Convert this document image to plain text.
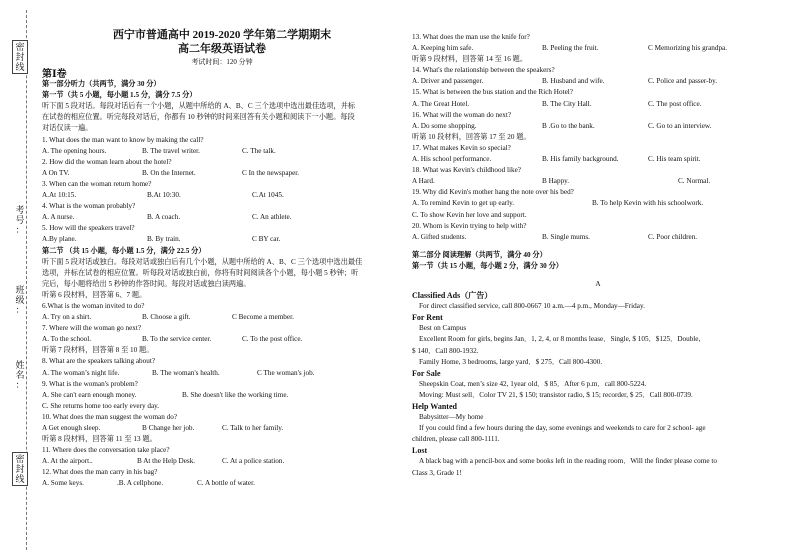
密
封
线
考
号
：
班
级
：
姓
名
：
密
封
线
西宁市普通高中 2019-2020 学年第二学期期末
高二年级英语试卷
考试时间：120 分钟
第Ⅰ卷
第一部分听力（共两节，满分 30 分）
第一节（共 5 小题，每小题 1.5 分，满分 7.5 分）
听下面 5 段对话。每段对话后有一个小题，从题中所给的 A、B、C 三个选项中选出最佳选项，并标
在试卷的相应位置。听完每段对话后，你都有 10 秒钟的时间来回答有关小题和阅读下一小题。每段
对话仅读一遍。
1. What does the man want to know by making the call?
A. The opening hours.	B. The travel writer.	C. The talk.
2. How did the woman learn about the hotel?
A On TV.	B. On the Internet.	C In the newspaper.
3. When can the woman return home?
A.At 10:15.	B.At 10:30.	C.At 1045.
4. What is the woman probably?
A. A nurse.	B. A coach.	C. An athlete.
5. How will the speakers travel?
A.By plane.	B. By train.	C BY car.
第二节 （共 15 小题，每小题 1.5 分，满分 22.5 分）
听下面 5 段对话或独白。每段对话或独白后有几个小题，从题中所给的 A、B、C 三个选项中选出最佳
选项，并标在试卷的相应位置。听每段对话或独白前，你将有时间阅读各个小题，每小题 5 秒钟；听
完后，每小题将给出 5 秒钟的作答时间。每段对话或独白读两遍。
听第 6 段材料，回答第 6、7 题。
6.What is the woman invited to do?
A. Try on a shirt.	B. Choose a gift.	C Become a member.
7. Where will the woman go next?
A. To the school.	B. To the service center.	C. To the post office.
听第 7 段材料，回答第 8 至 10 题。
8. What are the speakers talking about?
A. The woman’s night life.	B. The woman's health.	C The woman's job.
9. What is the woman's problem?
A. She can't earn enough money.	B. She doesn't like the working time.
C. She returns home too early every day.
10. What does the man suggest the woman do?
A Get enough sleep.	B Change her job.	C. Talk to her family.
听第 8 段材料，回答第 11 至 13 题。
11. Where does the conversation take place?
A. At the airport..	B At the Help Desk.	C. At a police station.
12. What does the man carry in his bag?
A. Some keys.	.B. A cellphone.	C. A bottle of water.
13. What does the man use the knife for?
A. Keeping him safe.	B. Peeling the fruit.	C Memorizing his grandpa.
听第 9 段材料，回答第 14 至 16 题。
14. What's the relationship between the speakers?
A. Driver and passenger.	B. Husband and wife.	C. Police and passer-by.
15. What is between the bus station and the Rich Hotel?
A. The Great Hotel.	B. The City Hall.	C. The post office.
16. What will the woman do next?
A. Do some shopping.	B .Go to the bank.	C. Go to an interview.
听第 10 段材料，回答第 17 至 20 题。
17. What makes Kevin so special?
A. His school performance.	B. His family background.	C. His team spirit.
18. What was Kevin's childhood like?
A Hard.	B Happy.	C. Normal.
19. Why did Kevin's mother hang the note over his bed?
A. To remind Kevin to get up early.	B. To help Kevin with his schoolwork.
C. To show Kevin her love and support.
20. Whom is Kevin trying to help with?
A. Gifted students.	B. Single mums.	C. Poor children.
第二部分 阅读理解（共两节，满分 40 分）
第一节（共 15 小题，每小题 2 分，满分 30 分）
A
Classified Ads（广告）
For direct classified service, call 800-0667 10 a.m.—4 p.m., Monday—Friday.
For Rent
Best on Campus
Excellent Room for girls, begins Jan．1, 2, 4, or 8 months lease．Single, $ 105．$125．Double,
$ 140．Call 800-1932.
Family Home, 3 bedrooms, large yard．$ 275．Call 800-4300.
For Sale
Sheepskin Coat, men’s size 42, 1year old．$ 85．After 6 p.m．call 800-5224.
Moving: Must sell．Color TV 21, $ 150; transistor radio, $ 15; recorder, $ 25．Call 800-0739.
Help Wanted
Babysitter—My home
If you could find a few hours during the day, some evenings and weekends to care for 2 school- age
children, please call 800-1111.
Lost
A black bag with a pencil-box and some books left in the reading room．Will the finder please come to
Class 3, Grade 1!
